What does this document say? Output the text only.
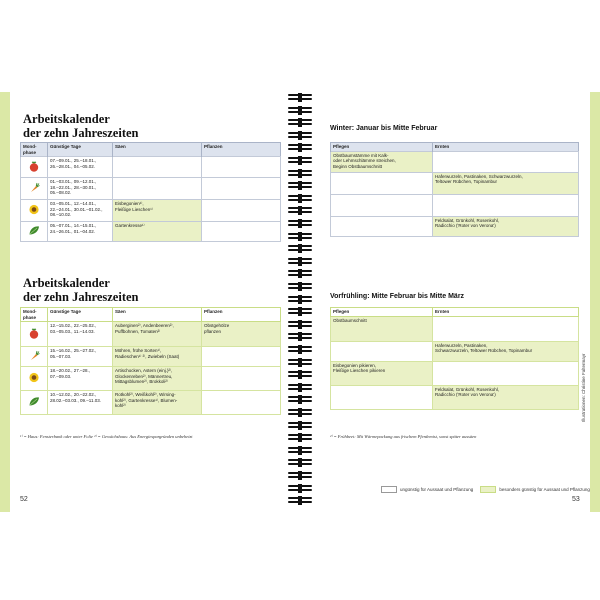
Arbeitskalender
der zehn Jahreszeiten
Mond-
phase	Günstige Tage	Säen	Pflanzen
	07.–09.01., 25.–18.01.,
26.–28.01., 04.–05.02.		
	01.–03.01., 09.–12.01.,
18.–22.01., 28.–30.01.,
05.–08.02.		
	03.–05.01., 12.–14.01.,
22.–24.01., 30.01.–01.02.,
08.–10.02.	Eisbegonien¹⁾,
Fleißige Lieschen¹⁾	
	05.–07.01., 14.–15.01.,
24.–26.01., 01.–04.02.	Gartenkresse¹⁾	
Arbeitskalender
der zehn Jahreszeiten
Mond-
phase	Günstige Tage	Säen	Pflanzen
	12.–15.02., 22.–25.02.,
03.–05.03., 11.–14.03.	Auberginen²⁾, Andenbeeren²⁾,
Puffbohnen, Tomaten²⁾	Obstgehölze
pflanzen
	15.–16.02., 25.–27.02.,
05.–07.03.	Möhren, frühe Sorten¹⁾,
Radieschen¹⁾ ²⁾, Zwiebeln (Saat)	
	18.–20.02., 27.–28.,
07.–09.03.	Artischocken, Astern (einj.)²⁾,
Glockenreben²⁾, Männertreu,
Mittagsblumen²⁾, Brokkoli²⁾	
	10.–12.02., 20.–22.02.,
28.02.–03.03., 09.–11.03.	Rotkohl²⁾, Weißkohl²⁾, Wirsing-
kohl²⁾, Gartenkresse¹⁾, Blumen-
kohl²⁾	
¹⁾ = Haus: Fensterbank oder unter Folie ²⁾ = Gewächshaus: Aus Energiespargründen unbeheizt
52
Winter: Januar bis Mitte Februar
Pflegen	Ernten
Obstbaumstämme mit Kalk-
oder Lehmschlämme streichen,
Beginn Obstbaumschnitt	
	Haferwurzeln, Pastinaken, Schwarzwurzeln,
Teltower Rübchen, Topinambur

	Feldsalat, Grünkohl, Rosenkohl,
Radicchio ('Roter von Verona')
Vorfrühling: Mitte Februar bis Mitte März
Pflegen	Ernten
Obstbaumschnitt	
	Haferwurzeln, Pastinaken,
Schwarzwurzeln, Teltower Rübchen, Topinambur
Eisbegonien pikieren,
Fleißige Lieschen pikieren	
	Feldsalat, Grünkohl, Rosenkohl,
Radicchio ('Roter von Verona')
²⁾ = Frühbeet: Mit Wärmepackung aus frischem Pferdemist, sonst später aussäen
ungünstig für Aussaat und Pflanzung	besonders günstig für Aussaat und Pflanzung
Illustrationen: Christine Faltermayr
53
